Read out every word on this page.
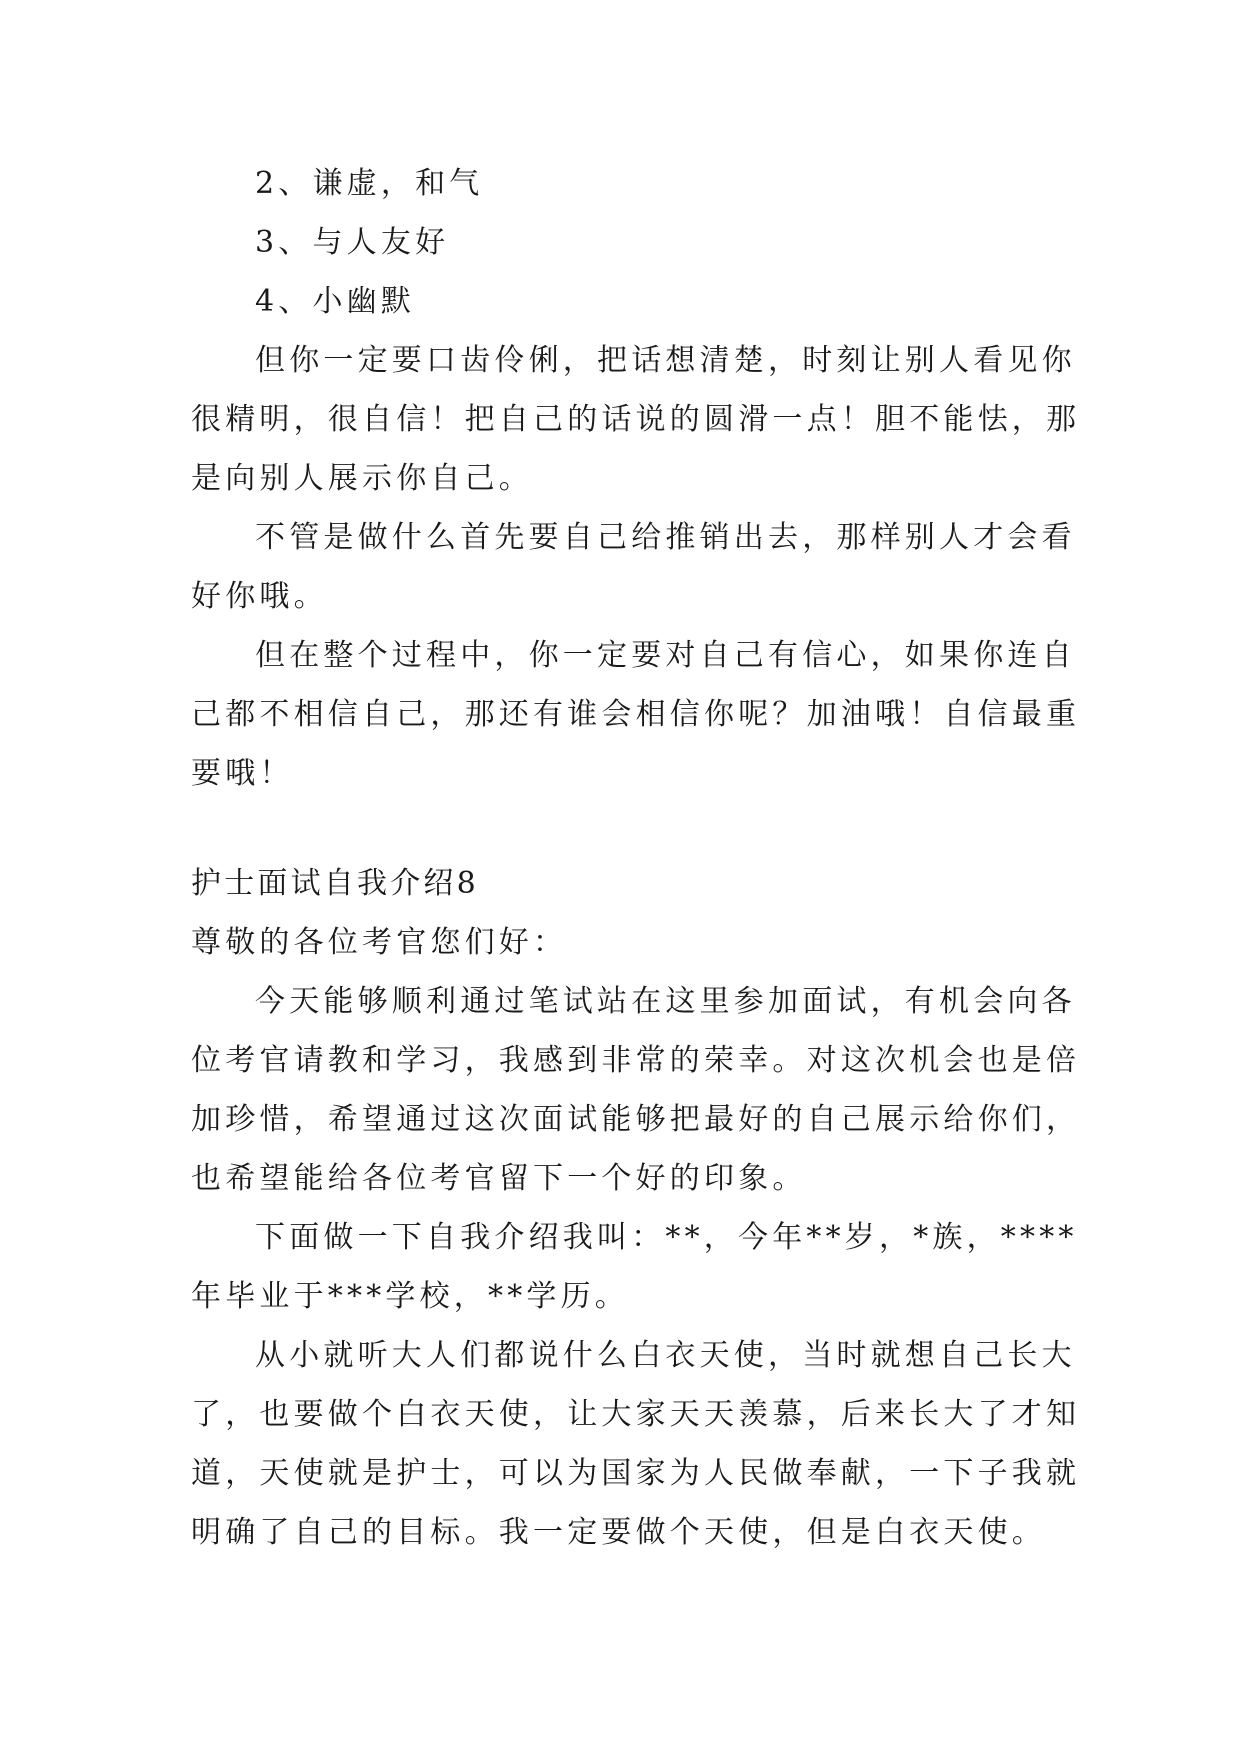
2、谦虚，和气
3、与人友好
4、小幽默
但你一定要口齿伶俐，把话想清楚，时刻让别人看见你
很精明，很自信！把自己的话说的圆滑一点！胆不能怯，那
是向别人展示你自己。
不管是做什么首先要自己给推销出去，那样别人才会看
好你哦。
但在整个过程中，你一定要对自己有信心，如果你连自
己都不相信自己，那还有谁会相信你呢？加油哦！自信最重
要哦！
护士面试自我介绍8
尊敬的各位考官您们好：
今天能够顺利通过笔试站在这里参加面试，有机会向各
位考官请教和学习，我感到非常的荣幸。对这次机会也是倍
加珍惜，希望通过这次面试能够把最好的自己展示给你们，
也希望能给各位考官留下一个好的印象。
下面做一下自我介绍我叫：**，今年**岁，*族，****
年毕业于***学校，**学历。
从小就听大人们都说什么白衣天使，当时就想自己长大
了，也要做个白衣天使，让大家天天羡慕，后来长大了才知
道，天使就是护士，可以为国家为人民做奉献，一下子我就
明确了自己的目标。我一定要做个天使，但是白衣天使。
